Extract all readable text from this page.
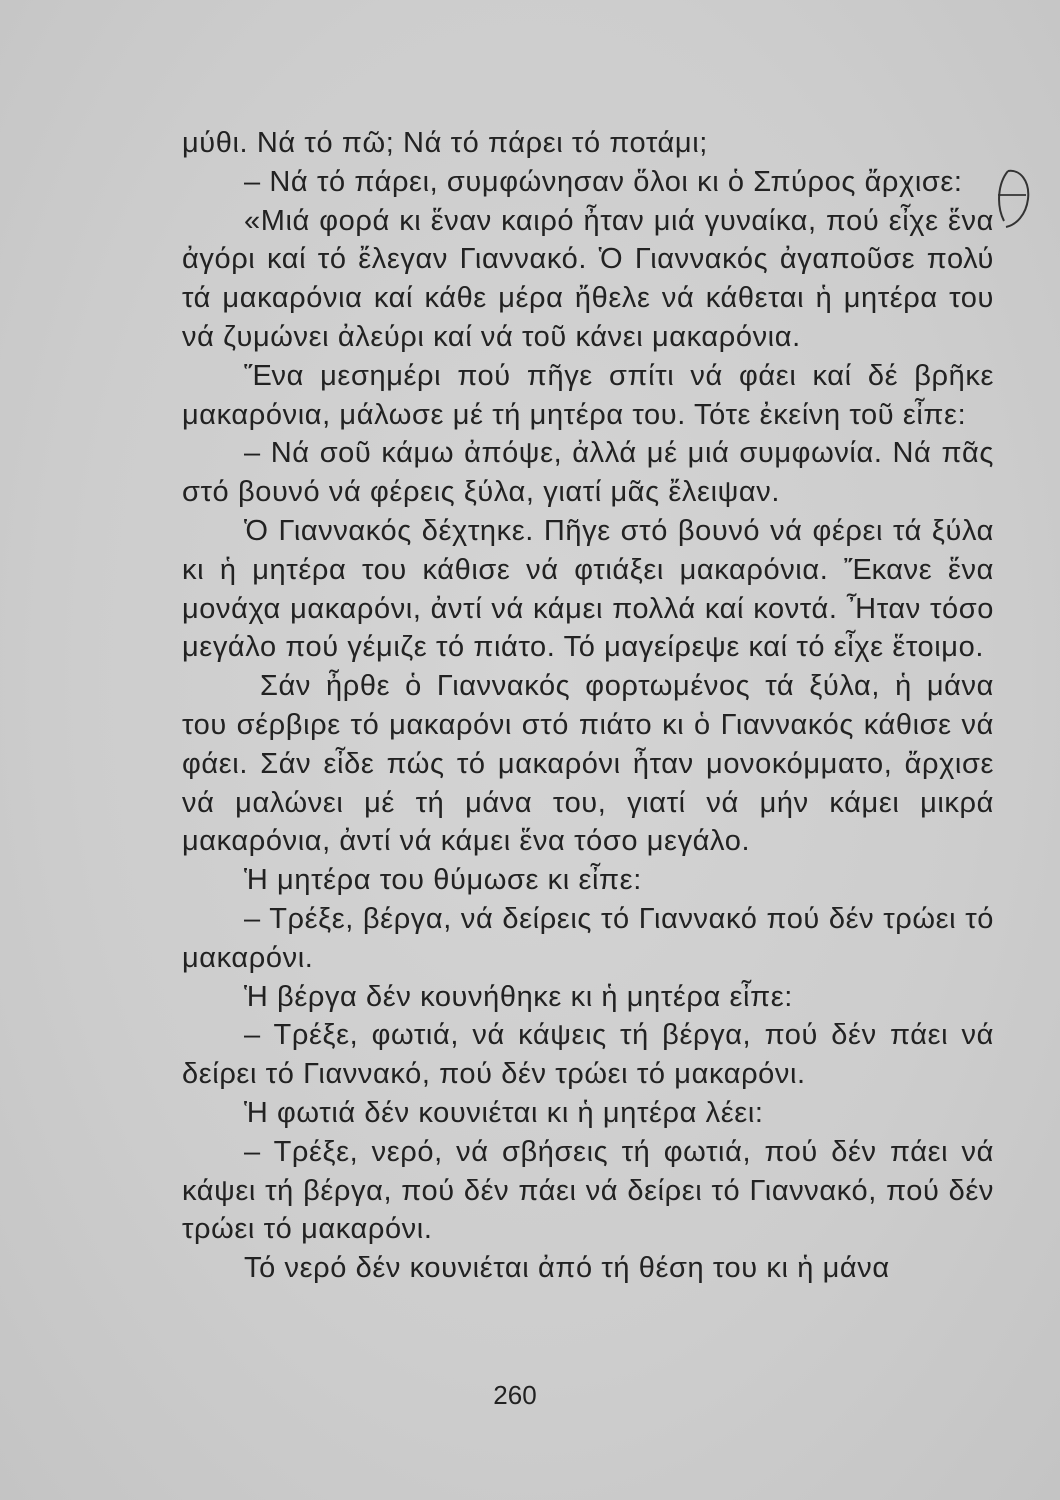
μύθι. Νά τό πῶ; Νά τό πάρει τό ποτάμι;

– Νά τό πάρει, συμφώνησαν ὅλοι κι ὁ Σπύρος ἄρχισε:

«Μιά φορά κι ἕναν καιρό ἦταν μιά γυναίκα, πού εἶχε ἕνα ἀγόρι καί τό ἔλεγαν Γιαννακό. Ὁ Γιαννακός ἀγαποῦσε πολύ τά μακαρόνια καί κάθε μέρα ἤθελε νά κάθεται ἡ μητέρα του νά ζυμώνει ἀλεύρι καί νά τοῦ κάνει μακαρόνια.

Ἕνα μεσημέρι πού πῆγε σπίτι νά φάει καί δέ βρῆκε μακαρόνια, μάλωσε μέ τή μητέρα του. Τότε ἐκείνη τοῦ εἶπε:

– Νά σοῦ κάμω ἀπόψε, ἀλλά μέ μιά συμφωνία. Νά πᾶς στό βουνό νά φέρεις ξύλα, γιατί μᾶς ἔλειψαν.

Ὁ Γιαννακός δέχτηκε. Πῆγε στό βουνό νά φέρει τά ξύλα κι ἡ μητέρα του κάθισε νά φτιάξει μακαρόνια. Ἔκανε ἕνα μονάχα μακαρόνι, ἀντί νά κάμει πολλά καί κοντά. Ἦταν τόσο μεγάλο πού γέμιζε τό πιάτο. Τό μαγείρεψε καί τό εἶχε ἕτοιμο.

Σάν ἦρθε ὁ Γιαννακός φορτωμένος τά ξύλα, ἡ μάνα του σέρβιρε τό μακαρόνι στό πιάτο κι ὁ Γιαννακός κάθισε νά φάει. Σάν εἶδε πώς τό μακαρόνι ἦταν μονοκόμματο, ἄρχισε νά μαλώνει μέ τή μάνα του, γιατί νά μήν κάμει μικρά μακαρόνια, ἀντί νά κάμει ἕνα τόσο μεγάλο.

Ἡ μητέρα του θύμωσε κι εἶπε:

– Τρέξε, βέργα, νά δείρεις τό Γιαννακό πού δέν τρώει τό μακαρόνι.

Ἡ βέργα δέν κουνήθηκε κι ἡ μητέρα εἶπε:

– Τρέξε, φωτιά, νά κάψεις τή βέργα, πού δέν πάει νά δείρει τό Γιαννακό, πού δέν τρώει τό μακαρόνι.

Ἡ φωτιά δέν κουνιέται κι ἡ μητέρα λέει:

– Τρέξε, νερό, νά σβήσεις τή φωτιά, πού δέν πάει νά κάψει τή βέργα, πού δέν πάει νά δείρει τό Γιαννακό, πού δέν τρώει τό μακαρόνι.

Τό νερό δέν κουνιέται ἀπό τή θέση του κι ἡ μάνα

260
